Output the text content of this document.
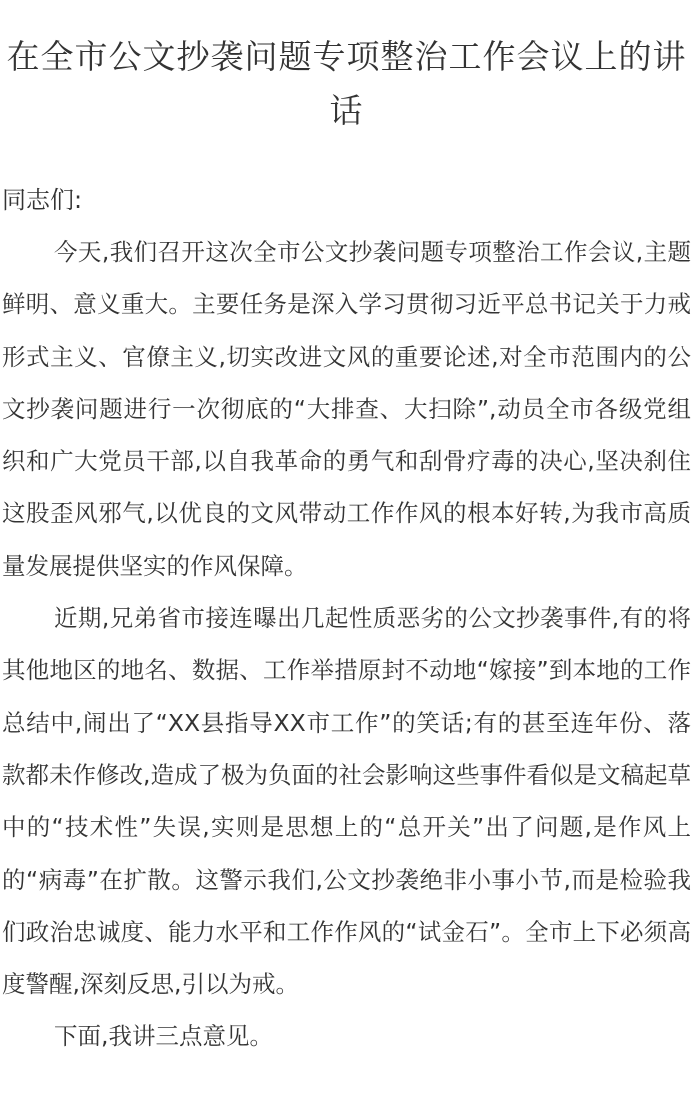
在全市公文抄袭问题专项整治工作会议上的讲话

同志们:

今天,我们召开这次全市公文抄袭问题专项整治工作会议,主题鲜明、意义重大。主要任务是深入学习贯彻习近平总书记关于力戒形式主义、官僚主义,切实改进文风的重要论述,对全市范围内的公文抄袭问题进行一次彻底的“大排查、大扫除”,动员全市各级党组织和广大党员干部,以自我革命的勇气和刮骨疗毒的决心,坚决刹住这股歪风邪气,以优良的文风带动工作作风的根本好转,为我市高质量发展提供坚实的作风保障。

近期,兄弟省市接连曝出几起性质恶劣的公文抄袭事件,有的将其他地区的地名、数据、工作举措原封不动地“嫁接”到本地的工作总结中,闹出了“XX县指导XX市工作”的笑话;有的甚至连年份、落款都未作修改,造成了极为负面的社会影响这些事件看似是文稿起草中的“技术性”失误,实则是思想上的“总开关”出了问题,是作风上的“病毒”在扩散。这警示我们,公文抄袭绝非小事小节,而是检验我们政治忠诚度、能力水平和工作作风的“试金石”。全市上下必须高度警醒,深刻反思,引以为戒。

下面,我讲三点意见。
